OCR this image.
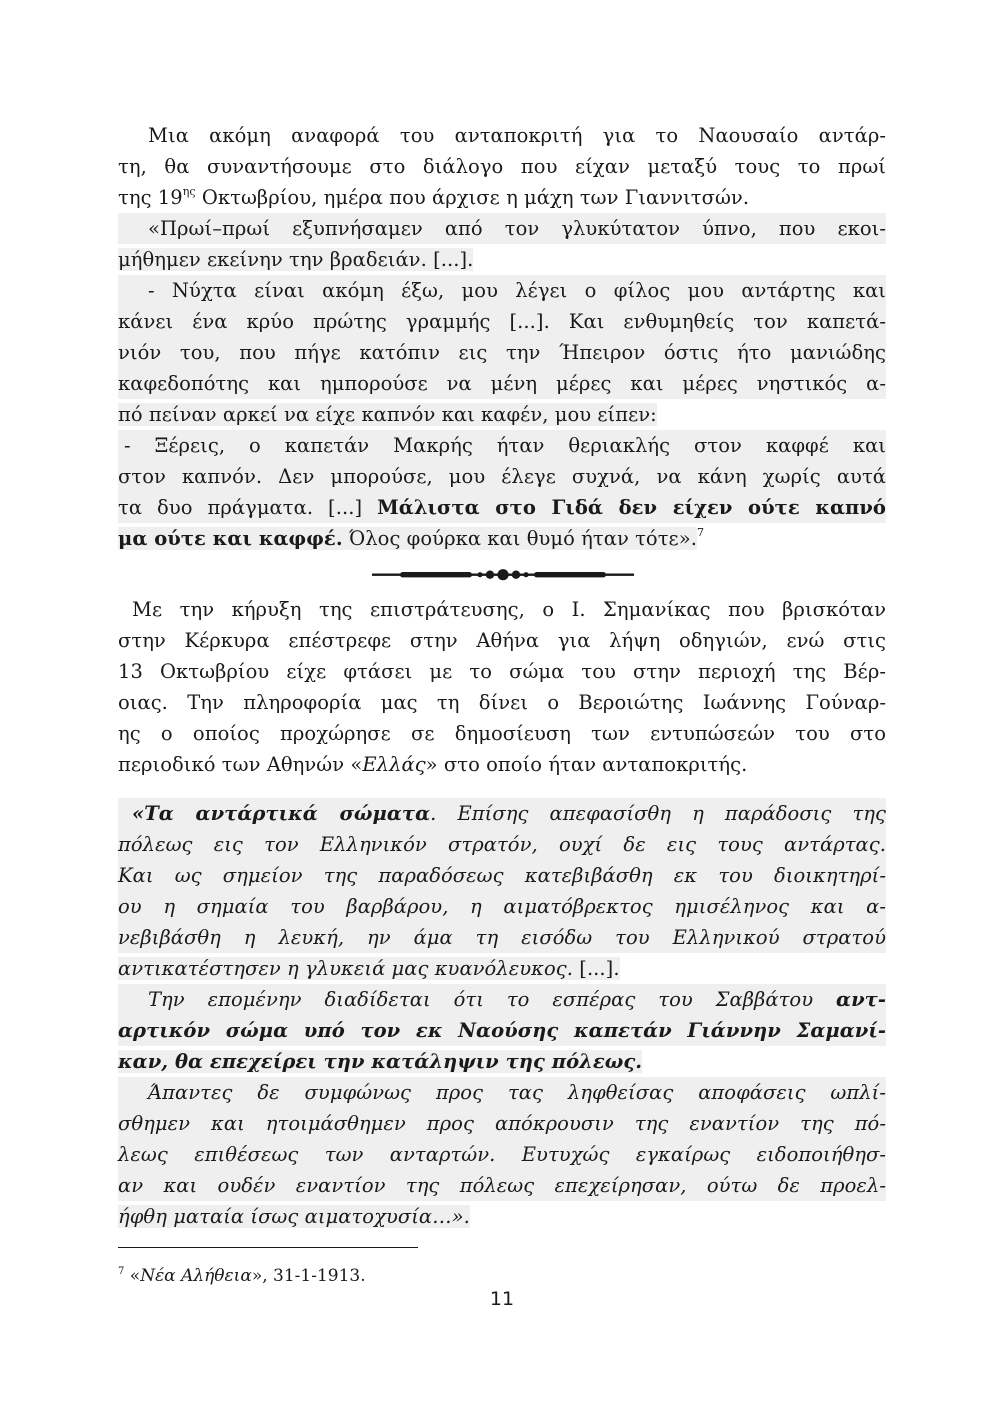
Μια ακόμη αναφορά του ανταποκριτή για το Ναουσαίο αντάρ-
τη, θα συναντήσουμε στο διάλογο που είχαν μεταξύ τους το πρωί
της $19^{\eta\varsigma}$ Οκτωβρίου, ημέρα που άρχισε η μάχη των Γιαννιτσών.
«Πρωί–πρωί εξυπνήσαμεν από τον γλυκύτατον ύπνο, που εκοι-
μήθημεν εκείνην την βραδειάν. [...].
- Νύχτα είναι ακόμη έξω, μου λέγει ο φίλος μου αντάρτης και
κάνει ένα κρύο πρώτης γραμμής [...]. Και ενθυμηθείς τον καπετά-
νιόν του, που πήγε κατόπιν εις την Ήπειρον όστις ήτο μανιώδης
καφεδοπότης και ημπορούσε να μένη μέρες και μέρες νηστικός α-
πό πείναν αρκεί να είχε καπνόν και καφέν, μου είπεν:
- Ξέρεις, ο καπετάν Μακρής ήταν θεριακλής στον καφφέ και
στον καπνόν. Δεν μπορούσε, μου έλεγε συχνά, να κάνη χωρίς αυτά
τα δυο πράγματα. [...] Μάλιστα στο Γιδά δεν είχεν ούτε καπνό
μα ούτε και καφφέ. Όλος φούρκα και θυμό ήταν τότε».$^7$
Με την κήρυξη της επιστράτευσης, ο Ι. Σημανίκας που βρισκόταν
στην Κέρκυρα επέστρεφε στην Αθήνα για λήψη οδηγιών, ενώ στις
13 Οκτωβρίου είχε φτάσει με το σώμα του στην περιοχή της Βέρ-
οιας. Την πληροφορία μας τη δίνει ο Βεροιώτης Ιωάννης Γούναρ-
ης ο οποίος προχώρησε σε δημοσίευση των εντυπώσεών του στο
περιοδικό των Αθηνών «Ελλάς» στο οποίο ήταν ανταποκριτής.
«Τα αντάρτικά σώματα. Επίσης απεφασίσθη η παράδοσις της
πόλεως εις τον Ελληνικόν στρατόν, ουχί δε εις τους αντάρτας.
Και ως σημείον της παραδόσεως κατεβιβάσθη εκ του διοικητηρί-
ου η σημαία του βαρβάρου, η αιματόβρεκτος ημισέληνος και α-
νεβιβάσθη η λευκή, ην άμα τη εισόδω του Ελληνικού στρατού
αντικατέστησεν η γλυκειά μας κυανόλευκος. [...].
Την επομένην διαδίδεται ότι το εσπέρας του Σαββάτου αντ-
αρτικόν σώμα υπό τον εκ Ναούσης καπετάν Γιάννην Σαμανί-
καν, θα επεχείρει την κατάληψιν της πόλεως.
Άπαντες δε συμφώνως προς τας ληφθείσας αποφάσεις ωπλί-
σθημεν και ητοιμάσθημεν προς απόκρουσιν της εναντίον της πό-
λεως επιθέσεως των ανταρτών. Ευτυχώς εγκαίρως ειδοποιήθησ-
αν και ουδέν εναντίον της πόλεως επεχείρησαν, ούτω δε προελ-
ήφθη ματαία ίσως αιματοχυσία…».
$^7$ «Νέα Αλήθεια», 31-1-1913.
11
